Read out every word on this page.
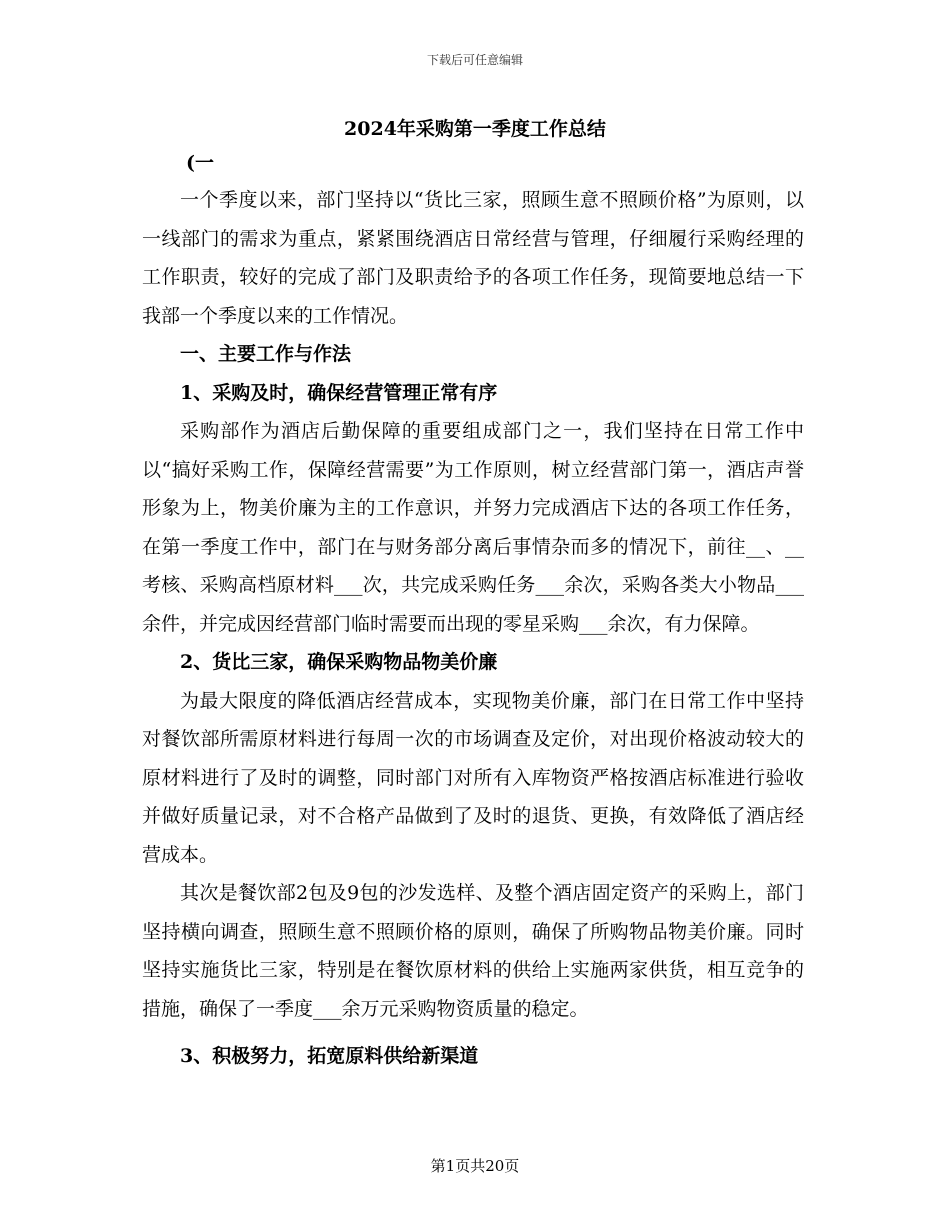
下载后可任意编辑
2024年采购第一季度工作总结
(一

一个季度以来，部门坚持以“货比三家，照顾生意不照顾价格”为原则，以一线部门的需求为重点，紧紧围绕酒店日常经营与管理，仔细履行采购经理的工作职责，较好的完成了部门及职责给予的各项工作任务，现简要地总结一下我部一个季度以来的工作情况。

一、主要工作与作法

1、采购及时，确保经营管理正常有序

采购部作为酒店后勤保障的重要组成部门之一，我们坚持在日常工作中以“搞好采购工作，保障经营需要”为工作原则，树立经营部门第一，酒店声誉形象为上，物美价廉为主的工作意识，并努力完成酒店下达的各项工作任务，在第一季度工作中，部门在与财务部分离后事情杂而多的情况下，前往__、__考核、采购高档原材料___次，共完成采购任务___余次，采购各类大小物品___余件，并完成因经营部门临时需要而出现的零星采购___余次，有力保障。

2、货比三家，确保采购物品物美价廉

为最大限度的降低酒店经营成本，实现物美价廉，部门在日常工作中坚持对餐饮部所需原材料进行每周一次的市场调查及定价，对出现价格波动较大的原材料进行了及时的调整，同时部门对所有入库物资严格按酒店标准进行验收并做好质量记录，对不合格产品做到了及时的退货、更换，有效降低了酒店经营成本。

其次是餐饮部2包及9包的沙发选样、及整个酒店固定资产的采购上，部门坚持横向调查，照顾生意不照顾价格的原则，确保了所购物品物美价廉。同时坚持实施货比三家，特别是在餐饮原材料的供给上实施两家供货，相互竞争的措施，确保了一季度___余万元采购物资质量的稳定。

3、积极努力，拓宽原料供给新渠道

第1页共20页
